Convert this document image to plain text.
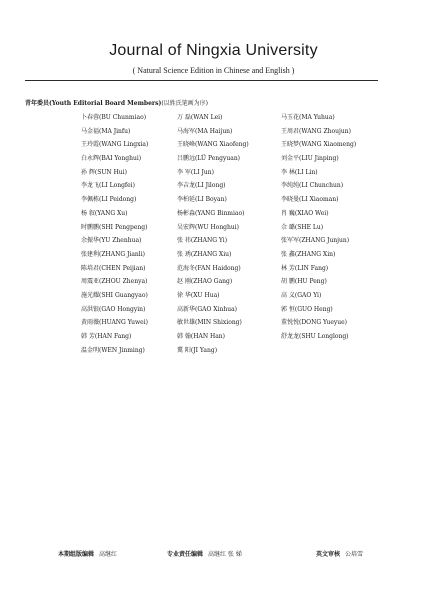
Journal of Ningxia University
( Natural Science Edition in Chinese and English )
青年委员(Youth Editorial Board Members)(以姓氏笔画为序)
卜春蓉(BU Chunmiao)	万 磊(WAN Lei)	马玉花(MA Yuhua)
马金福(MA Jinfu)	马海军(MA Haijun)	王周君(WANG Zhoujun)
王玲霞(WANG Lingxia)	王晓峰(WANG Xiaofeng)	王晓梦(WANG Xiaomeng)
白永辉(BAI Yonghui)	吕鹏远(LÜ Pengyuan)	刘金平(LIU Jinping)
孙 辉(SUN Hui)	李 军(LI Jun)	李 林(LI Lin)
李龙飞(LI Longfei)	李吉龙(LI Jilong)	李纯纯(LI Chunchun)
李佩栋(LI Peidong)	李柏延(LI Boyan)	李晓曼(LI Xiaoman)
杨 叙(YANG Xu)	杨彬淼(YANG Binmiao)	肖 巍(XIAO Wei)
时鹏鹏(SHI Pengpeng)	吴宏辉(WU Honghui)	佘 璐(SHE Lu)
余振华(YU Zhenhua)	张 祎(ZHANG Yi)	张军军(ZHANG Junjun)
张建利(ZHANG Jianli)	张 琇(ZHANG Xiu)	张 鑫(ZHANG Xin)
陈培君(CHEN Peijian)	范海冬(FAN Haidong)	林 芳(LIN Fang)
周震亚(ZHOU Zhenya)	赵 刚(ZHAO Gang)	胡 鹏(HU Peng)
施光耀(SHI Guangyao)	徐 华(XU Hua)	高 义(GAO Yi)
高洪银(GAO Hongyin)	高新华(GAO Xinhua)	郭 恒(GUO Heng)
黄雨薇(HUANG Yuwei)	敏世雄(MIN Shixiong)	董悦悦(DONG Yueyue)
韩 芳(HAN Fang)	韩 翰(HAN Han)	舒龙龙(SHU Longlong)
温金明(WEN Jinming)	冀 阳(JI Yang)
本期组版编辑 高继红	专业责任编辑 高继红 张 娣	英文审核 公培雪
